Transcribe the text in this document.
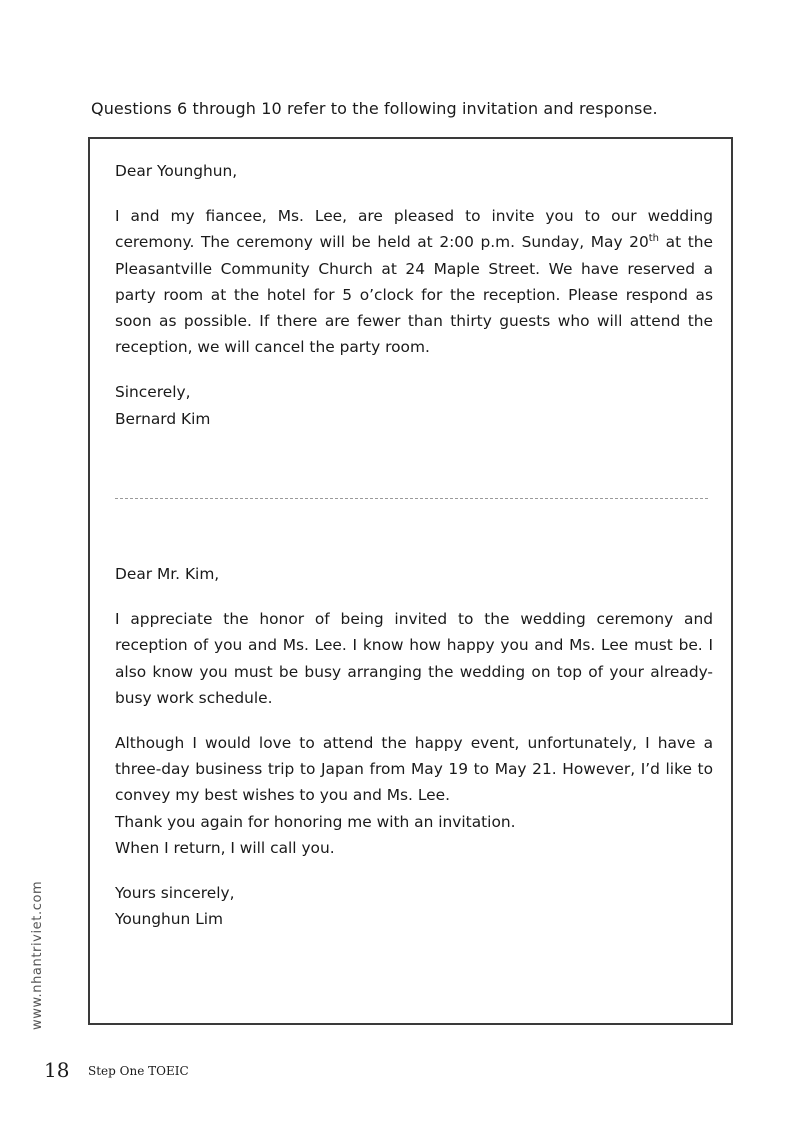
Questions 6 through 10 refer to the following invitation and response.

Dear Younghun,

I and my fiancee, Ms. Lee, are pleased to invite you to our wedding ceremony. The ceremony will be held at 2:00 p.m. Sunday, May 20th at the Pleasantville Community Church at 24 Maple Street. We have reserved a party room at the hotel for 5 o’clock for the reception. Please respond as soon as possible. If there are fewer than thirty guests who will attend the reception, we will cancel the party room.

Sincerely,

Bernard Kim

Dear Mr. Kim,

I appreciate the honor of being invited to the wedding ceremony and reception of you and Ms. Lee. I know how happy you and Ms. Lee must be. I also know you must be busy arranging the wedding on top of your already-busy work schedule.

Although I would love to attend the happy event, unfortunately, I have a three-day business trip to Japan from May 19 to May 21. However, I’d like to convey my best wishes to you and Ms. Lee.

Thank you again for honoring me with an invitation.

When I return, I will call you.

Yours sincerely,

Younghun Lim

www.nhantriviet.com
18 Step One TOEIC
